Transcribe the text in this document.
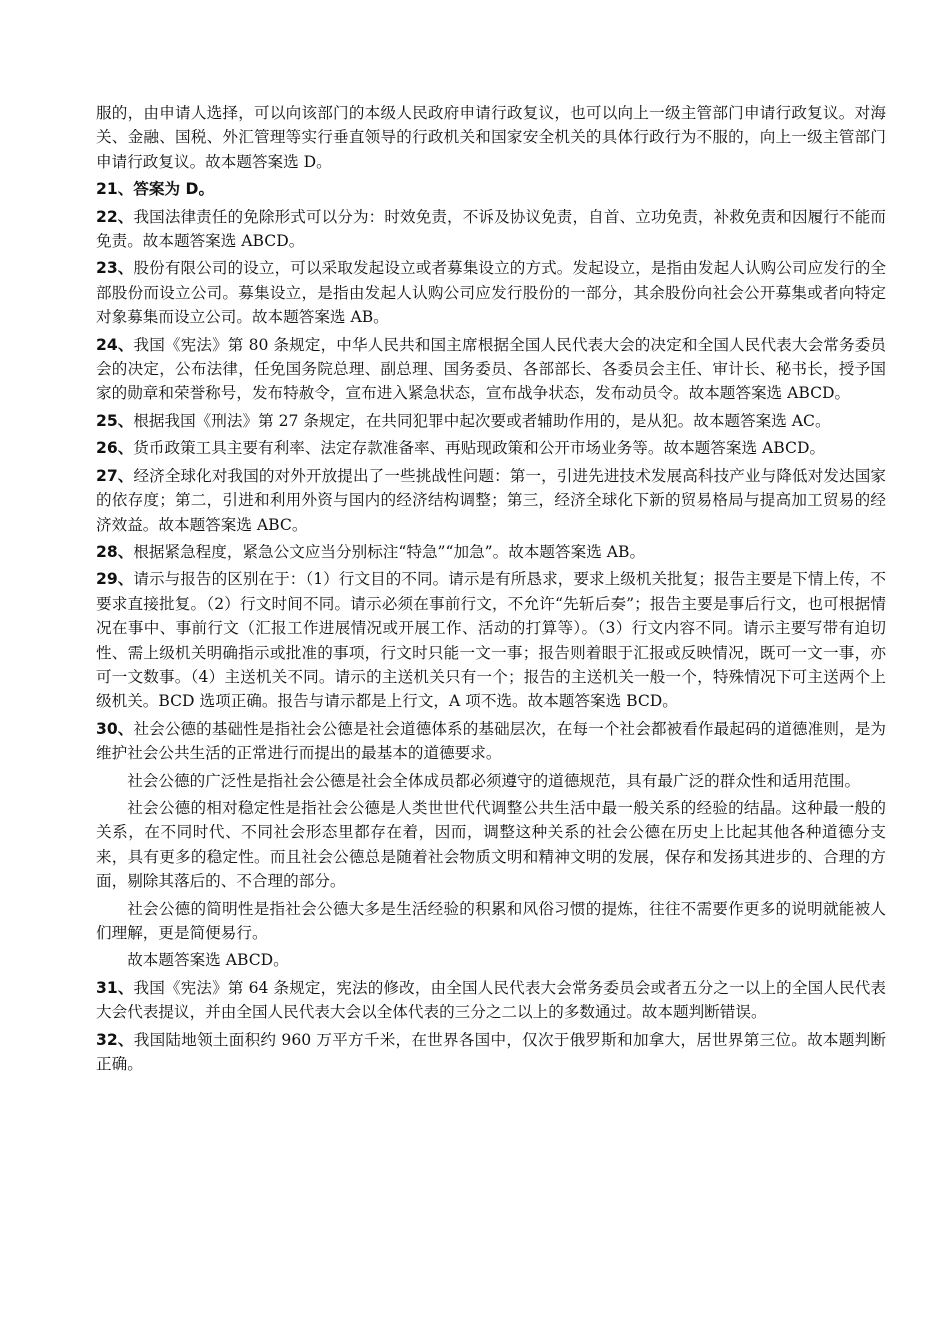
服的，由申请人选择，可以向该部门的本级人民政府申请行政复议，也可以向上一级主管部门申请行政复议。对海关、金融、国税、外汇管理等实行垂直领导的行政机关和国家安全机关的具体行政行为不服的，向上一级主管部门申请行政复议。故本题答案选 D。

21、答案为 D。

22、我国法律责任的免除形式可以分为：时效免责，不诉及协议免责，自首、立功免责，补救免责和因履行不能而免责。故本题答案选 ABCD。

23、股份有限公司的设立，可以采取发起设立或者募集设立的方式。发起设立，是指由发起人认购公司应发行的全部股份而设立公司。募集设立，是指由发起人认购公司应发行股份的一部分，其余股份向社会公开募集或者向特定对象募集而设立公司。故本题答案选 AB。

24、我国《宪法》第 80 条规定，中华人民共和国主席根据全国人民代表大会的决定和全国人民代表大会常务委员会的决定，公布法律，任免国务院总理、副总理、国务委员、各部部长、各委员会主任、审计长、秘书长，授予国家的勋章和荣誉称号，发布特赦令，宣布进入紧急状态，宣布战争状态，发布动员令。故本题答案选 ABCD。

25、根据我国《刑法》第 27 条规定，在共同犯罪中起次要或者辅助作用的，是从犯。故本题答案选 AC。

26、货币政策工具主要有利率、法定存款准备率、再贴现政策和公开市场业务等。故本题答案选 ABCD。

27、经济全球化对我国的对外开放提出了一些挑战性问题：第一，引进先进技术发展高科技产业与降低对发达国家的依存度；第二，引进和利用外资与国内的经济结构调整；第三，经济全球化下新的贸易格局与提高加工贸易的经济效益。故本题答案选 ABC。

28、根据紧急程度，紧急公文应当分别标注“特急”“加急”。故本题答案选 AB。

29、请示与报告的区别在于：（1）行文目的不同。请示是有所恳求，要求上级机关批复；报告主要是下情上传，不要求直接批复。（2）行文时间不同。请示必须在事前行文，不允许“先斩后奏”；报告主要是事后行文，也可根据情况在事中、事前行文（汇报工作进展情况或开展工作、活动的打算等）。（3）行文内容不同。请示主要写带有迫切性、需上级机关明确指示或批准的事项，行文时只能一文一事；报告则着眼于汇报或反映情况，既可一文一事，亦可一文数事。（4）主送机关不同。请示的主送机关只有一个；报告的主送机关一般一个，特殊情况下可主送两个上级机关。BCD 选项正确。报告与请示都是上行文，A 项不选。故本题答案选 BCD。

30、社会公德的基础性是指社会公德是社会道德体系的基础层次，在每一个社会都被看作最起码的道德准则，是为维护社会公共生活的正常进行而提出的最基本的道德要求。

社会公德的广泛性是指社会公德是社会全体成员都必须遵守的道德规范，具有最广泛的群众性和适用范围。

社会公德的相对稳定性是指社会公德是人类世世代代调整公共生活中最一般关系的经验的结晶。这种最一般的关系，在不同时代、不同社会形态里都存在着，因而，调整这种关系的社会公德在历史上比起其他各种道德分支来，具有更多的稳定性。而且社会公德总是随着社会物质文明和精神文明的发展，保存和发扬其进步的、合理的方面，剔除其落后的、不合理的部分。

社会公德的简明性是指社会公德大多是生活经验的积累和风俗习惯的提炼，往往不需要作更多的说明就能被人们理解，更是简便易行。

故本题答案选 ABCD。

31、我国《宪法》第 64 条规定，宪法的修改，由全国人民代表大会常务委员会或者五分之一以上的全国人民代表大会代表提议，并由全国人民代表大会以全体代表的三分之二以上的多数通过。故本题判断错误。

32、我国陆地领土面积约 960 万平方千米，在世界各国中，仅次于俄罗斯和加拿大，居世界第三位。故本题判断正确。
